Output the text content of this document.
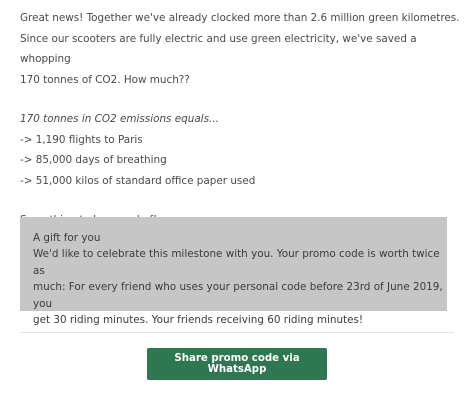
Great news! Together we've already clocked more than 2.6 million green kilometres.
Since our scooters are fully electric and use green electricity, we've saved a whopping
170 tonnes of CO2. How much??
170 tonnes in CO2 emissions equals...
-> 1,190 flights to Paris
-> 85,000 days of breathing
-> 51,000 kilos of standard office paper used
A gift for you
We'd like to celebrate this milestone with you. Your promo code is worth twice as
much: For every friend who uses your personal code before 23rd of June 2019, you
get 30 riding minutes. Your friends receiving 60 riding minutes!
Share promo code via WhatsApp
